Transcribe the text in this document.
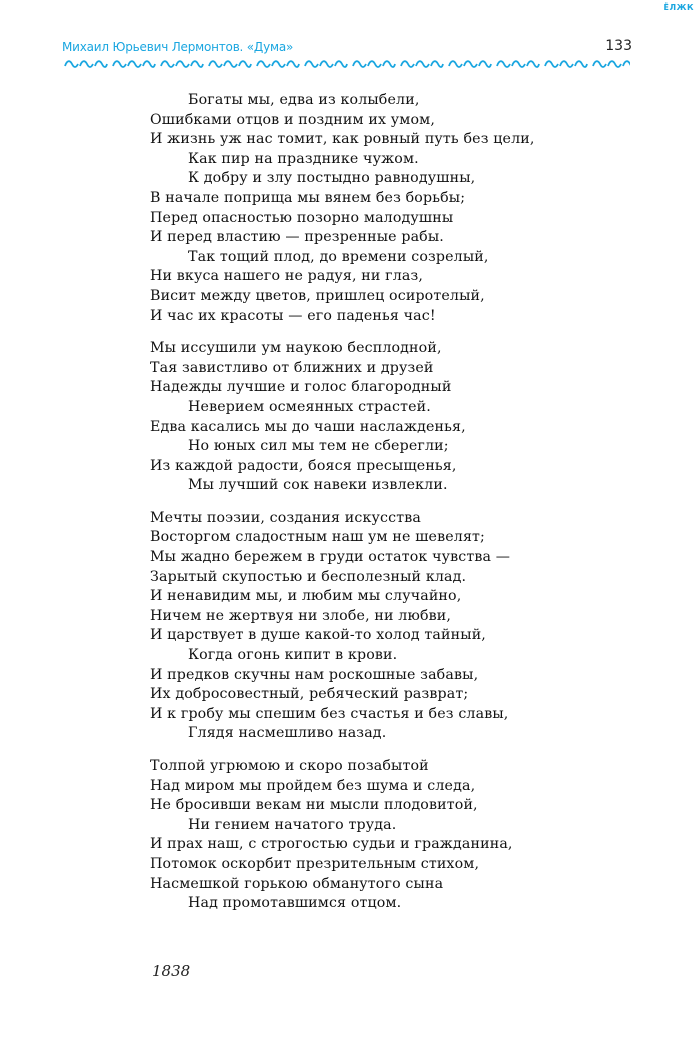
ЁЛЖК
Михаил Юрьевич Лермонтов. «Дума»	133
Богаты мы, едва из колыбели,
Ошибками отцов и поздним их умом,
И жизнь уж нас томит, как ровный путь без цели,
Как пир на празднике чужом.
К добру и злу постыдно равнодушны,
В начале поприща мы вянем без борьбы;
Перед опасностью позорно малодушны
И перед властию — презренные рабы.
Так тощий плод, до времени созрелый,
Ни вкуса нашего не радуя, ни глаз,
Висит между цветов, пришлец осиротелый,
И час их красоты — его паденья час!
Мы иссушили ум наукою бесплодной,
Тая завистливо от ближних и друзей
Надежды лучшие и голос благородный
Неверием осмеянных страстей.
Едва касались мы до чаши наслажденья,
Но юных сил мы тем не сберегли;
Из каждой радости, бояся пресыщенья,
Мы лучший сок навеки извлекли.
Мечты поэзии, создания искусства
Восторгом сладостным наш ум не шевелят;
Мы жадно бережем в груди остаток чувства —
Зарытый скупостью и бесполезный клад.
И ненавидим мы, и любим мы случайно,
Ничем не жертвуя ни злобе, ни любви,
И царствует в душе какой-то холод тайный,
Когда огонь кипит в крови.
И предков скучны нам роскошные забавы,
Их добросовестный, ребяческий разврат;
И к гробу мы спешим без счастья и без славы,
Глядя насмешливо назад.
Толпой угрюмою и скоро позабытой
Над миром мы пройдем без шума и следа,
Не бросивши векам ни мысли плодовитой,
Ни гением начатого труда.
И прах наш, с строгостью судьи и гражданина,
Потомок оскорбит презрительным стихом,
Насмешкой горькою обманутого сына
Над промотавшимся отцом.
1838
